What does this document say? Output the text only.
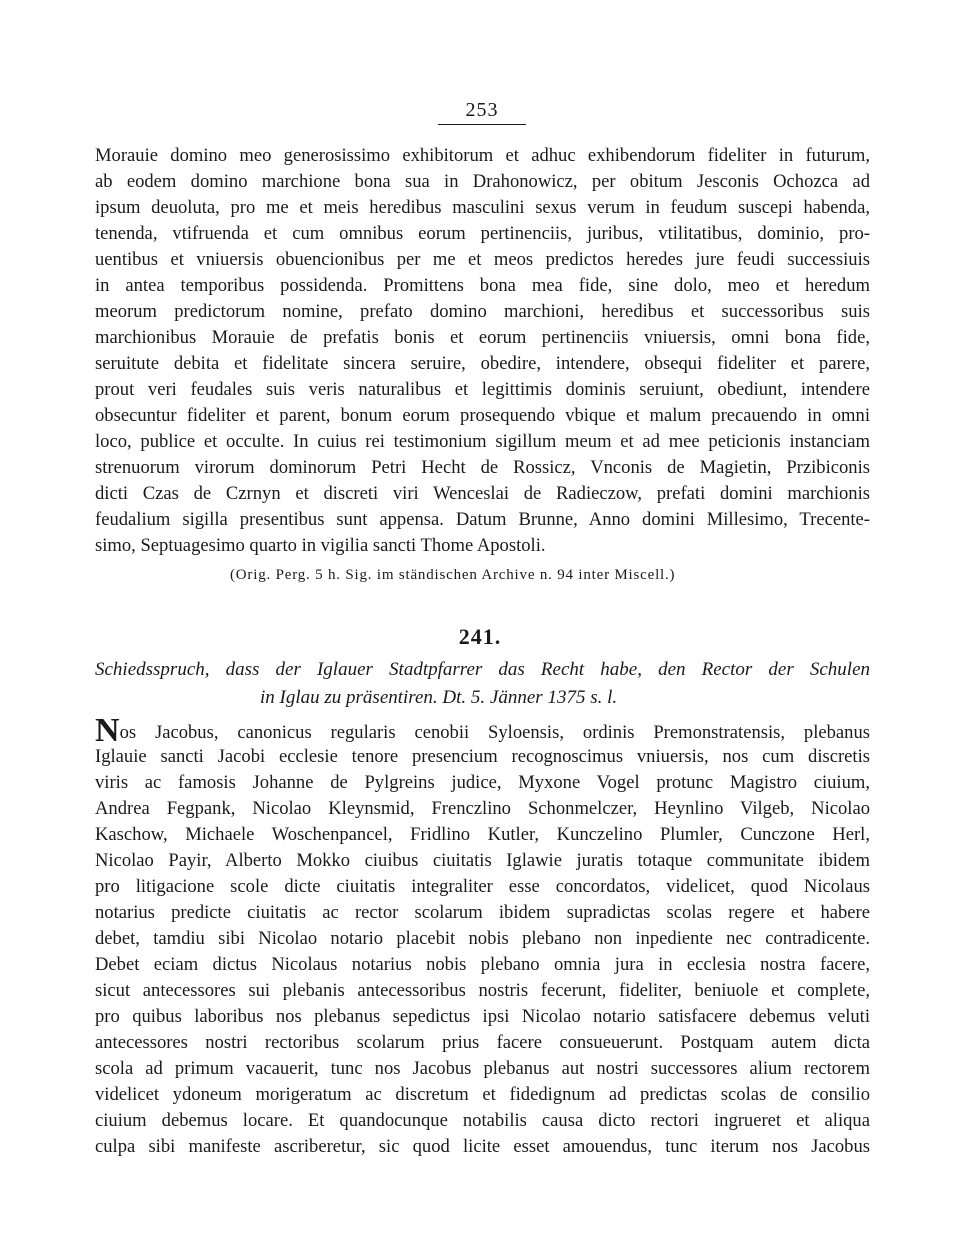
253
Morauie domino meo generosissimo exhibitorum et adhuc exhibendorum fideliter in futurum,
ab eodem domino marchione bona sua in Drahonowicz, per obitum Jesconis Ochozca ad
ipsum deuoluta, pro me et meis heredibus masculini sexus verum in feudum suscepi habenda,
tenenda, vtifruenda et cum omnibus eorum pertinenciis, juribus, vtilitatibus, dominio, pro-
uentibus et vniuersis obuencionibus per me et meos predictos heredes jure feudi successiuis
in antea temporibus possidenda. Promittens bona mea fide, sine dolo, meo et heredum
meorum predictorum nomine, prefato domino marchioni, heredibus et successoribus suis
marchionibus Morauie de prefatis bonis et eorum pertinenciis vniuersis, omni bona fide,
seruitute debita et fidelitate sincera seruire, obedire, intendere, obsequi fideliter et parere,
prout veri feudales suis veris naturalibus et legittimis dominis seruiunt, obediunt, intendere
obsecuntur fideliter et parent, bonum eorum prosequendo vbique et malum precauendo in omni
loco, publice et occulte. In cuius rei testimonium sigillum meum et ad mee peticionis instanciam
strenuorum virorum dominorum Petri Hecht de Rossicz, Vnconis de Magietin, Przibiconis
dicti Czas de Czrnyn et discreti viri Wenceslai de Radieczow, prefati domini marchionis
feudalium sigilla presentibus sunt appensa. Datum Brunne, Anno domini Millesimo, Trecente-
simo, Septuagesimo quarto in vigilia sancti Thome Apostoli.
(Orig. Perg. 5 h. Sig. im ständischen Archive n. 94 inter Miscell.)
241.
Schiedsspruch, dass der Iglauer Stadtpfarrer das Recht habe, den Rector der Schulen
in Iglau zu präsentiren. Dt. 5. Jänner 1375 s. l.
Nos Jacobus, canonicus regularis cenobii Syloensis, ordinis Premonstratensis, plebanus
Iglauie sancti Jacobi ecclesie tenore presencium recognoscimus vniuersis, nos cum discretis
viris ac famosis Johanne de Pylgreins judice, Myxone Vogel protunc Magistro ciuium,
Andrea Fegpank, Nicolao Kleynsmid, Frenczlino Schonmelczer, Heynlino Vilgeb, Nicolao
Kaschow, Michaele Woschenpancel, Fridlino Kutler, Kunczelino Plumler, Cunczone Herl,
Nicolao Payir, Alberto Mokko ciuibus ciuitatis Iglawie juratis totaque communitate ibidem
pro litigacione scole dicte ciuitatis integraliter esse concordatos, videlicet, quod Nicolaus
notarius predicte ciuitatis ac rector scolarum ibidem supradictas scolas regere et habere
debet, tamdiu sibi Nicolao notario placebit nobis plebano non inpediente nec contradicente.
Debet eciam dictus Nicolaus notarius nobis plebano omnia jura in ecclesia nostra facere,
sicut antecessores sui plebanis antecessoribus nostris fecerunt, fideliter, beniuole et complete,
pro quibus laboribus nos plebanus sepedictus ipsi Nicolao notario satisfacere debemus veluti
antecessores nostri rectoribus scolarum prius facere consueuerunt. Postquam autem dicta
scola ad primum vacauerit, tunc nos Jacobus plebanus aut nostri successores alium rectorem
videlicet ydoneum morigeratum ac discretum et fidedignum ad predictas scolas de consilio
ciuium debemus locare. Et quandocunque notabilis causa dicto rectori ingrueret et aliqua
culpa sibi manifeste ascriberetur, sic quod licite esset amouendus, tunc iterum nos Jacobus
